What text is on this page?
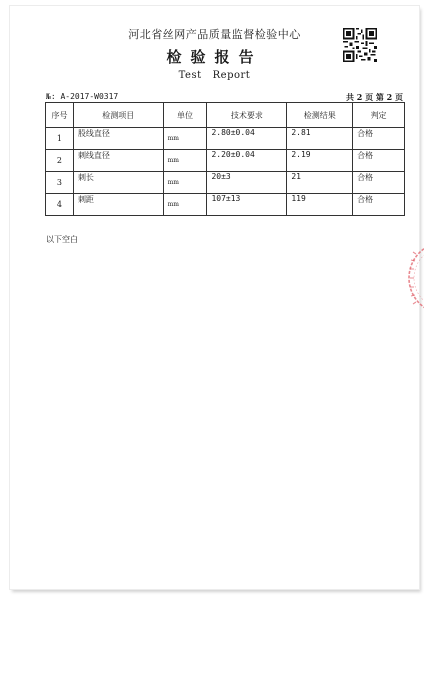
河北省丝网产品质量监督检验中心
检验报告
Test   Report
№: A-2017-W0317	共 2 页 第 2 页
序号	检测项目	单位	技术要求	检测结果	判定
1	股线直径	mm	2.80±0.04	2.81	合格
2	刺线直径	mm	2.20±0.04	2.19	合格
3	刺长	mm	20±3	21	合格
4	刺距	mm	107±13	119	合格
以下空白
